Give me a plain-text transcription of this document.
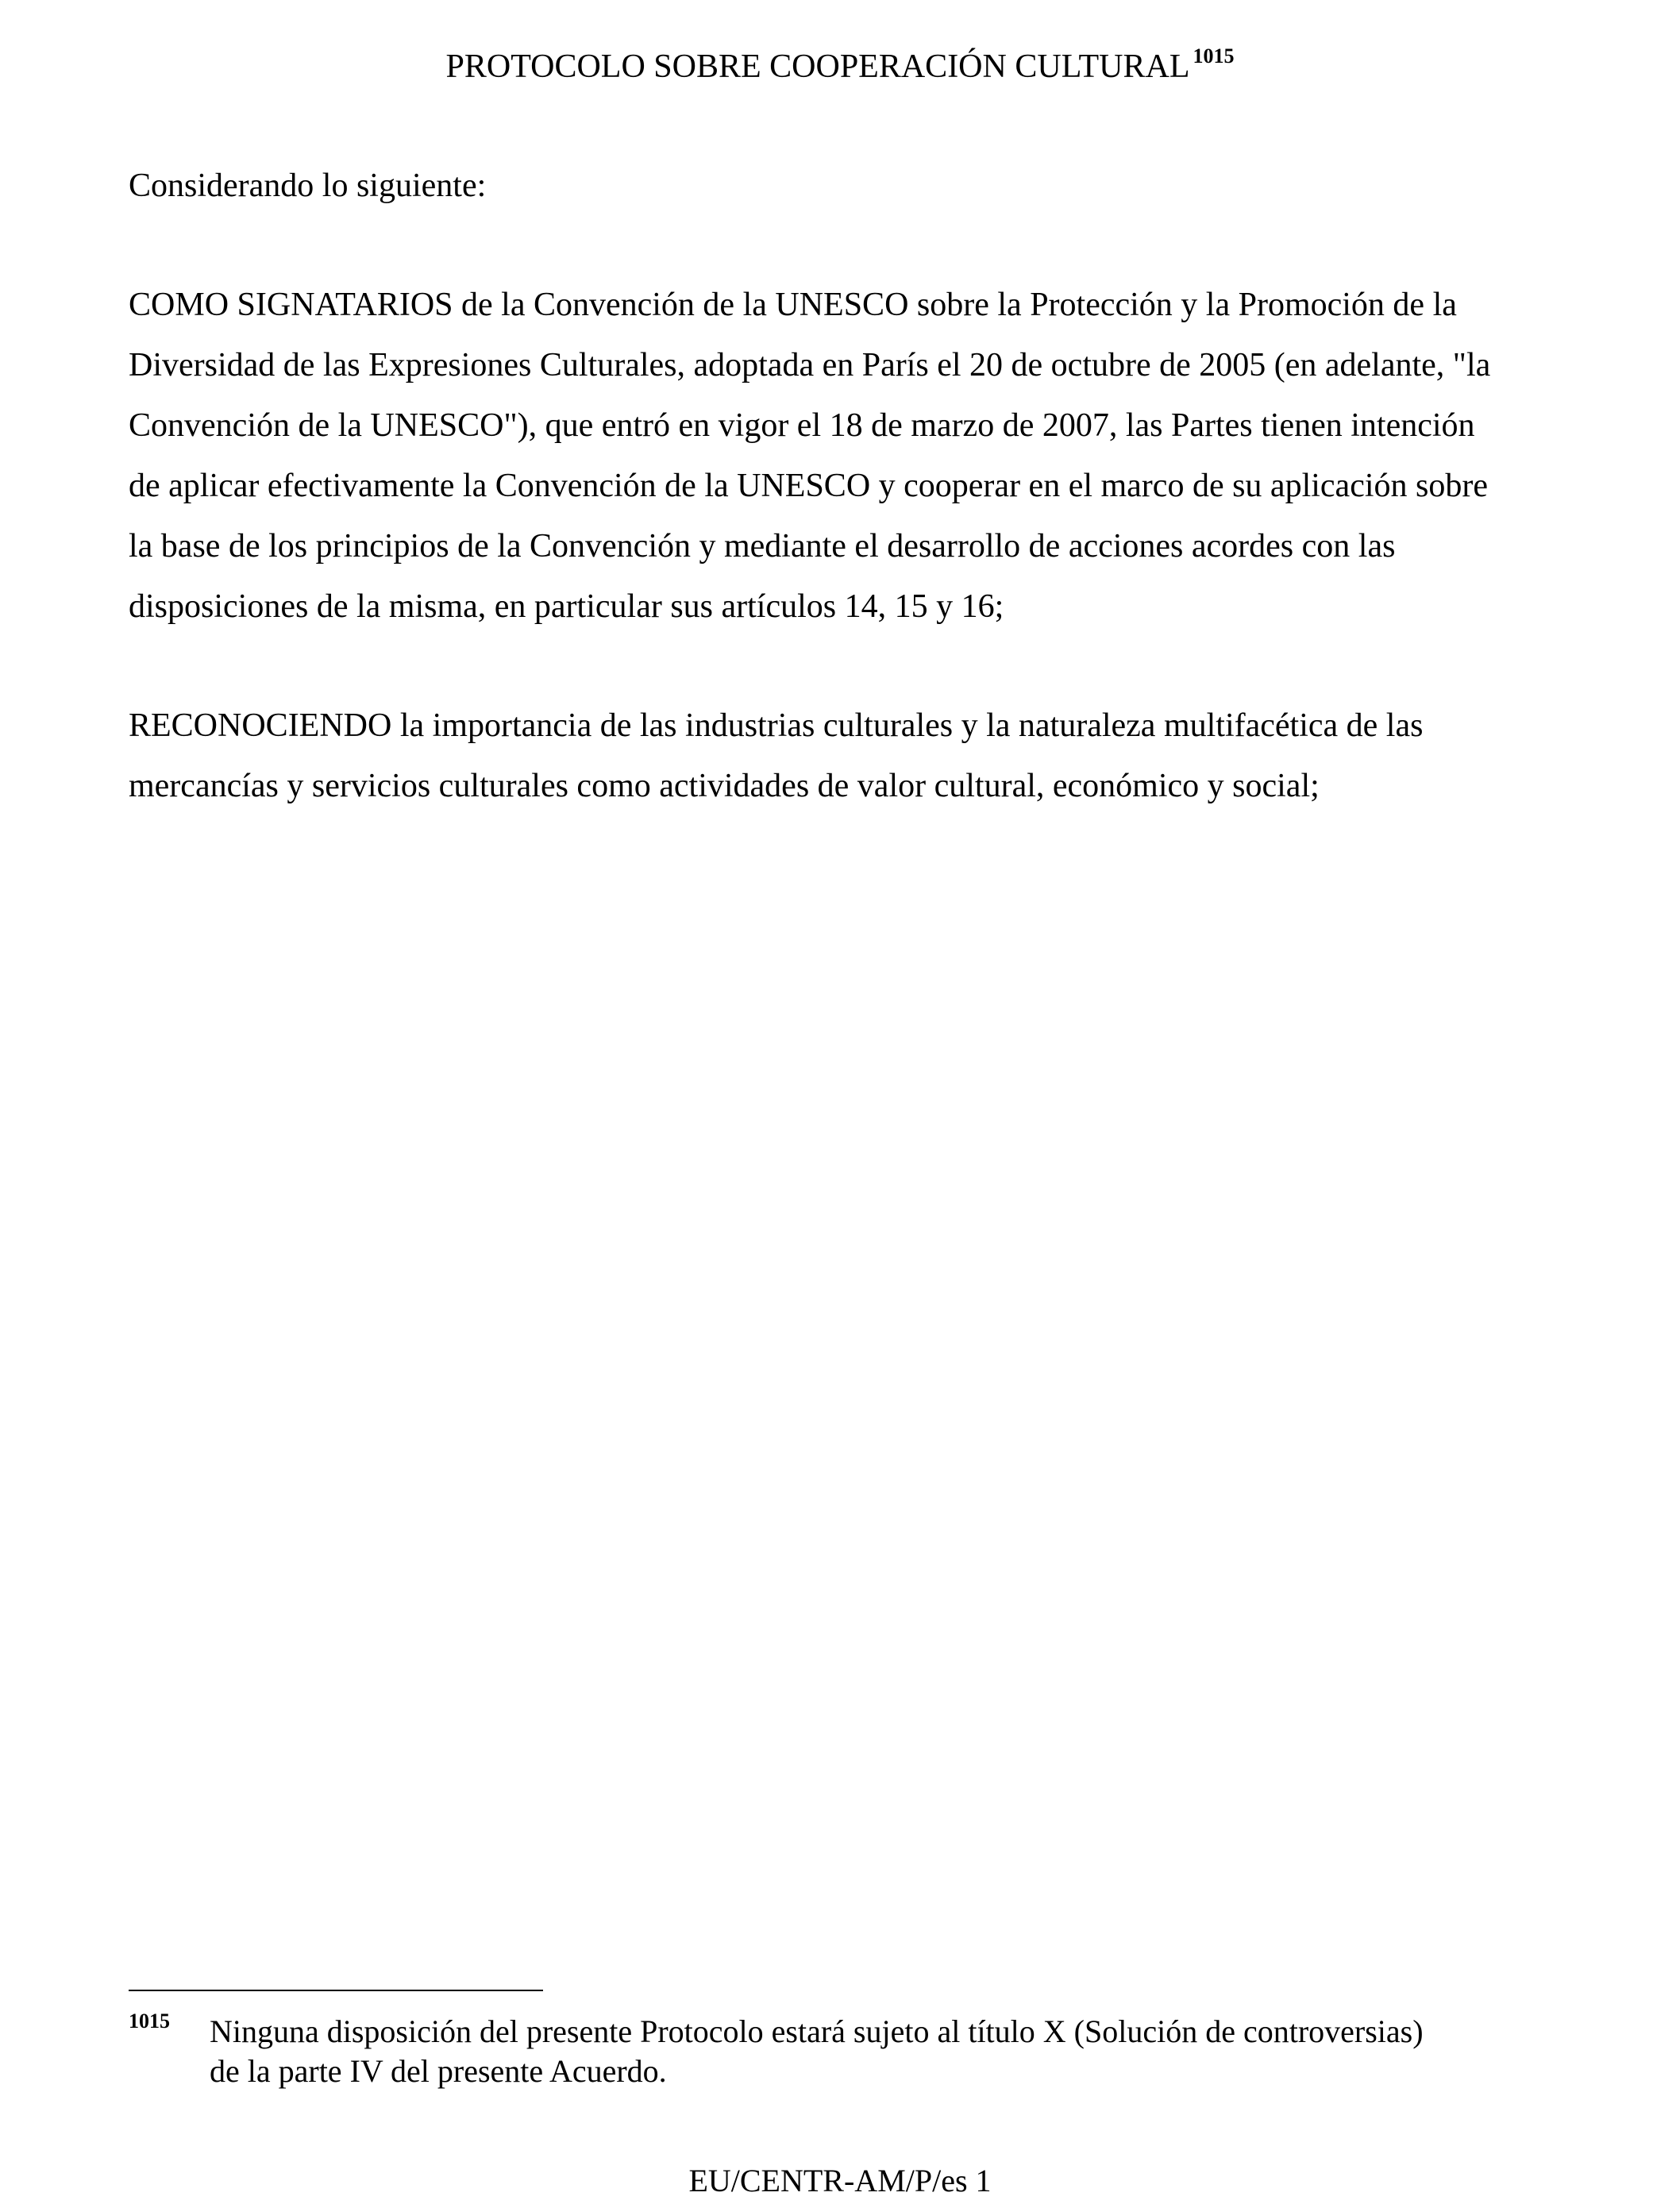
PROTOCOLO SOBRE COOPERACIÓN CULTURAL $^{1015}$

Considerando lo siguiente:

COMO SIGNATARIOS de la Convención de la UNESCO sobre la Protección y la Promoción de la
Diversidad de las Expresiones Culturales, adoptada en París el 20 de octubre de 2005 (en adelante, "la
Convención de la UNESCO"), que entró en vigor el 18 de marzo de 2007, las Partes tienen intención
de aplicar efectivamente la Convención de la UNESCO y cooperar en el marco de su aplicación sobre
la base de los principios de la Convención y mediante el desarrollo de acciones acordes con las
disposiciones de la misma, en particular sus artículos 14, 15 y 16;

RECONOCIENDO la importancia de las industrias culturales y la naturaleza multifacética de las
mercancías y servicios culturales como actividades de valor cultural, económico y social;

1015 Ninguna disposición del presente Protocolo estará sujeto al título X (Solución de controversias)
de la parte IV del presente Acuerdo.
EU/CENTR-AM/P/es 1
